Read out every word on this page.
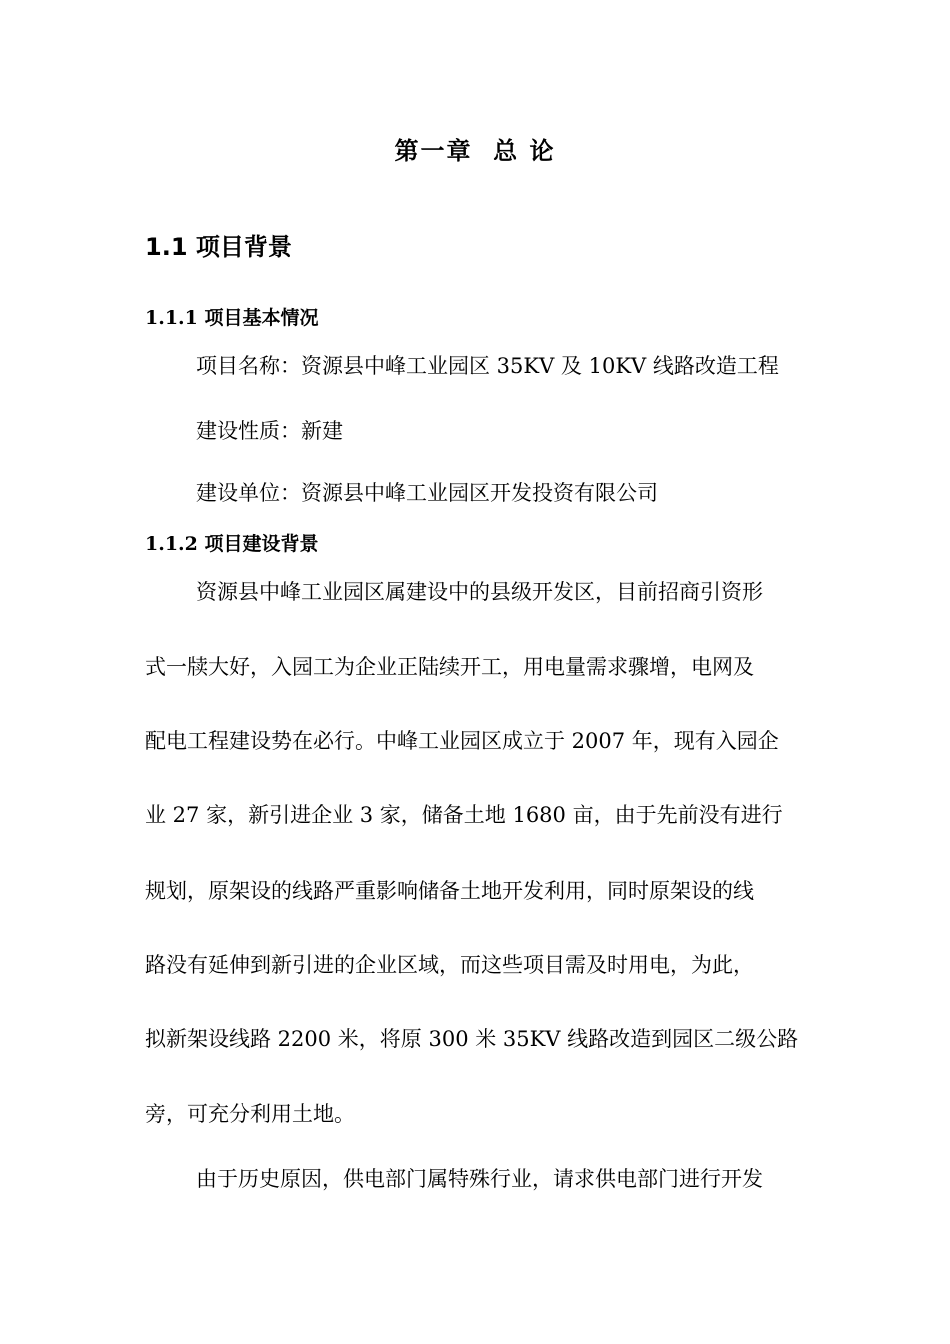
第一章  总 论
1.1 项目背景
1.1.1 项目基本情况
项目名称：资源县中峰工业园区 35KV 及 10KV 线路改造工程
建设性质：新建
建设单位：资源县中峰工业园区开发投资有限公司
1.1.2 项目建设背景
资源县中峰工业园区属建设中的县级开发区，目前招商引资形
式一牍大好，入园工为企业正陆续开工，用电量需求骤增，电网及
配电工程建设势在必行。中峰工业园区成立于 2007 年，现有入园企
业 27 家，新引进企业 3 家，储备土地 1680 亩，由于先前没有进行
规划，原架设的线路严重影响储备土地开发利用，同时原架设的线
路没有延伸到新引进的企业区域，而这些项目需及时用电，为此，
拟新架设线路 2200 米，将原 300 米 35KV 线路改造到园区二级公路
旁，可充分利用土地。
由于历史原因，供电部门属特殊行业，请求供电部门进行开发
